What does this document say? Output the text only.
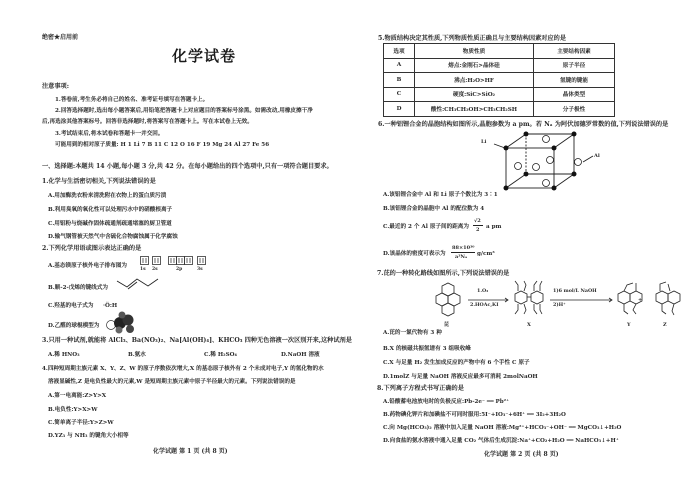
绝密★启用前
化学试卷
注意事项:
1.答卷前,考生务必将自己的姓名、准考证号填写在答题卡上。
2.回答选择题时,选出每小题答案后,用铅笔把答题卡上对应题目的答案标号涂黑。如需改动,用橡皮擦干净
后,再选涂其他答案标号。回答非选择题时,将答案写在答题卡上。写在本试卷上无效。
3.考试结束后,将本试卷和答题卡一并交回。
可能用到的相对原子质量: H 1 Li 7 B 11 C 12 O 16 F 19 Mg 24 Al 27 Fe 56
一、选择题:本题共 14 小题,每小题 3 分,共 42 分。在每小题给出的四个选项中,只有一项符合题目要求。
1.化学与生活密切相关,下列说法错误的是
A.用加酶洗衣粉来清洗附在衣物上的蛋白质污渍
B.利用臭氧的氧化性可以处理污水中的硝酸根离子
C.用铝粉与烧碱作固体疏通剂疏通堵塞的厨卫管道
D.输气钢管被天然气中含硫化合物腐蚀属于化学腐蚀
2.下列化学用语或图示表达正确的是
A.基态镁原子核外电子排布图为
1s 2s	2p	3s
B.顺-2-戊烯的键线式为
C.羟基的电子式为 ·Ö:H
D.乙醛的球棍模型为
3.只用一种试剂,就能将 AlCl₃、Ba(NO₃)₂、Na[Al(OH)₄]、KHCO₃ 四种无色溶液一次区别开来,这种试剂是
A.稀 HNO₃	B.氨水	C.稀 H₂SO₄	D.NaOH 溶液
4.四种短周期主族元素 X、Y、Z、W 的原子序数依次增大,X 的基态原子核外有 2 个未成对电子,Y 的氢化物的水
溶液显碱性,Z 是电负性最大的元素,W 是短周期主族元素中原子半径最大的元素。下列说法错误的是
A.第一电离能:Z>Y>X
B.电负性:Y>X>W
C.简单离子半径:Y>Z>W
D.YZ₃ 与 NH₃ 的键角大小相等
化学试题 第 1 页 (共 8 页)
5.物质结构决定其性质,下列物质性质正确且与主要结构因素对应的是
选项	物质性质	主要结构因素
A	熔点:金刚石>晶体硅	原子半径
B	沸点:H₂O>HF	氢键的键能
C	硬度:SiC>SiO₂	晶体类型
D	酸性:CH₃CH₂OH>CH₃CH₂SH	分子极性
6.一种铝锂合金的晶胞结构如图所示,晶胞参数为 a pm。若 Nₐ 为阿伏加德罗常数的值,下列说法错误的是
Li
Al
A.该铝锂合金中 Al 和 Li 原子个数比为 3∶1
B.该铝锂合金的晶胞中 Al 的配位数为 4
C.最近的 2 个 Al 原子间的距离为
√2
2 a pm
D.该晶体的密度可表示为
88×10³⁰
a³Nₐ g/cm³
7.芘的一种转化路线如图所示,下列说法错误的是
1.O₃
2.HOAc,KI
1)6 mol/L NaOH
2)H⁺
+
芘	X	Y	Z
A.芘的一氯代物有 3 种
B.X 的核磁共振氢谱有 3 组吸收峰
C.X 与足量 H₂ 发生加成反应的产物中有 6 个手性 C 原子
D.1molZ 与足量 NaOH 溶液反应最多可消耗 2molNaOH
8.下列离子方程式书写正确的是
A.铅酸蓄电池放电时的负极反应:Pb-2e⁻ ══ Pb²⁺
B.药物碘化钾片和加碘盐不可同时服用:5I⁻+IO₃⁻+6H⁺ ══ 3I₂+3H₂O
C.向 Mg(HCO₃)₂ 溶液中加入足量 NaOH 溶液:Mg²⁺+HCO₃⁻+OH⁻ ══ MgCO₃↓+H₂O
D.向食盐的氨水溶液中通入足量 CO₂ 气体后生成沉淀:Na⁺+CO₂+H₂O ══ NaHCO₃↓+H⁺
化学试题 第 2 页 (共 8 页)
